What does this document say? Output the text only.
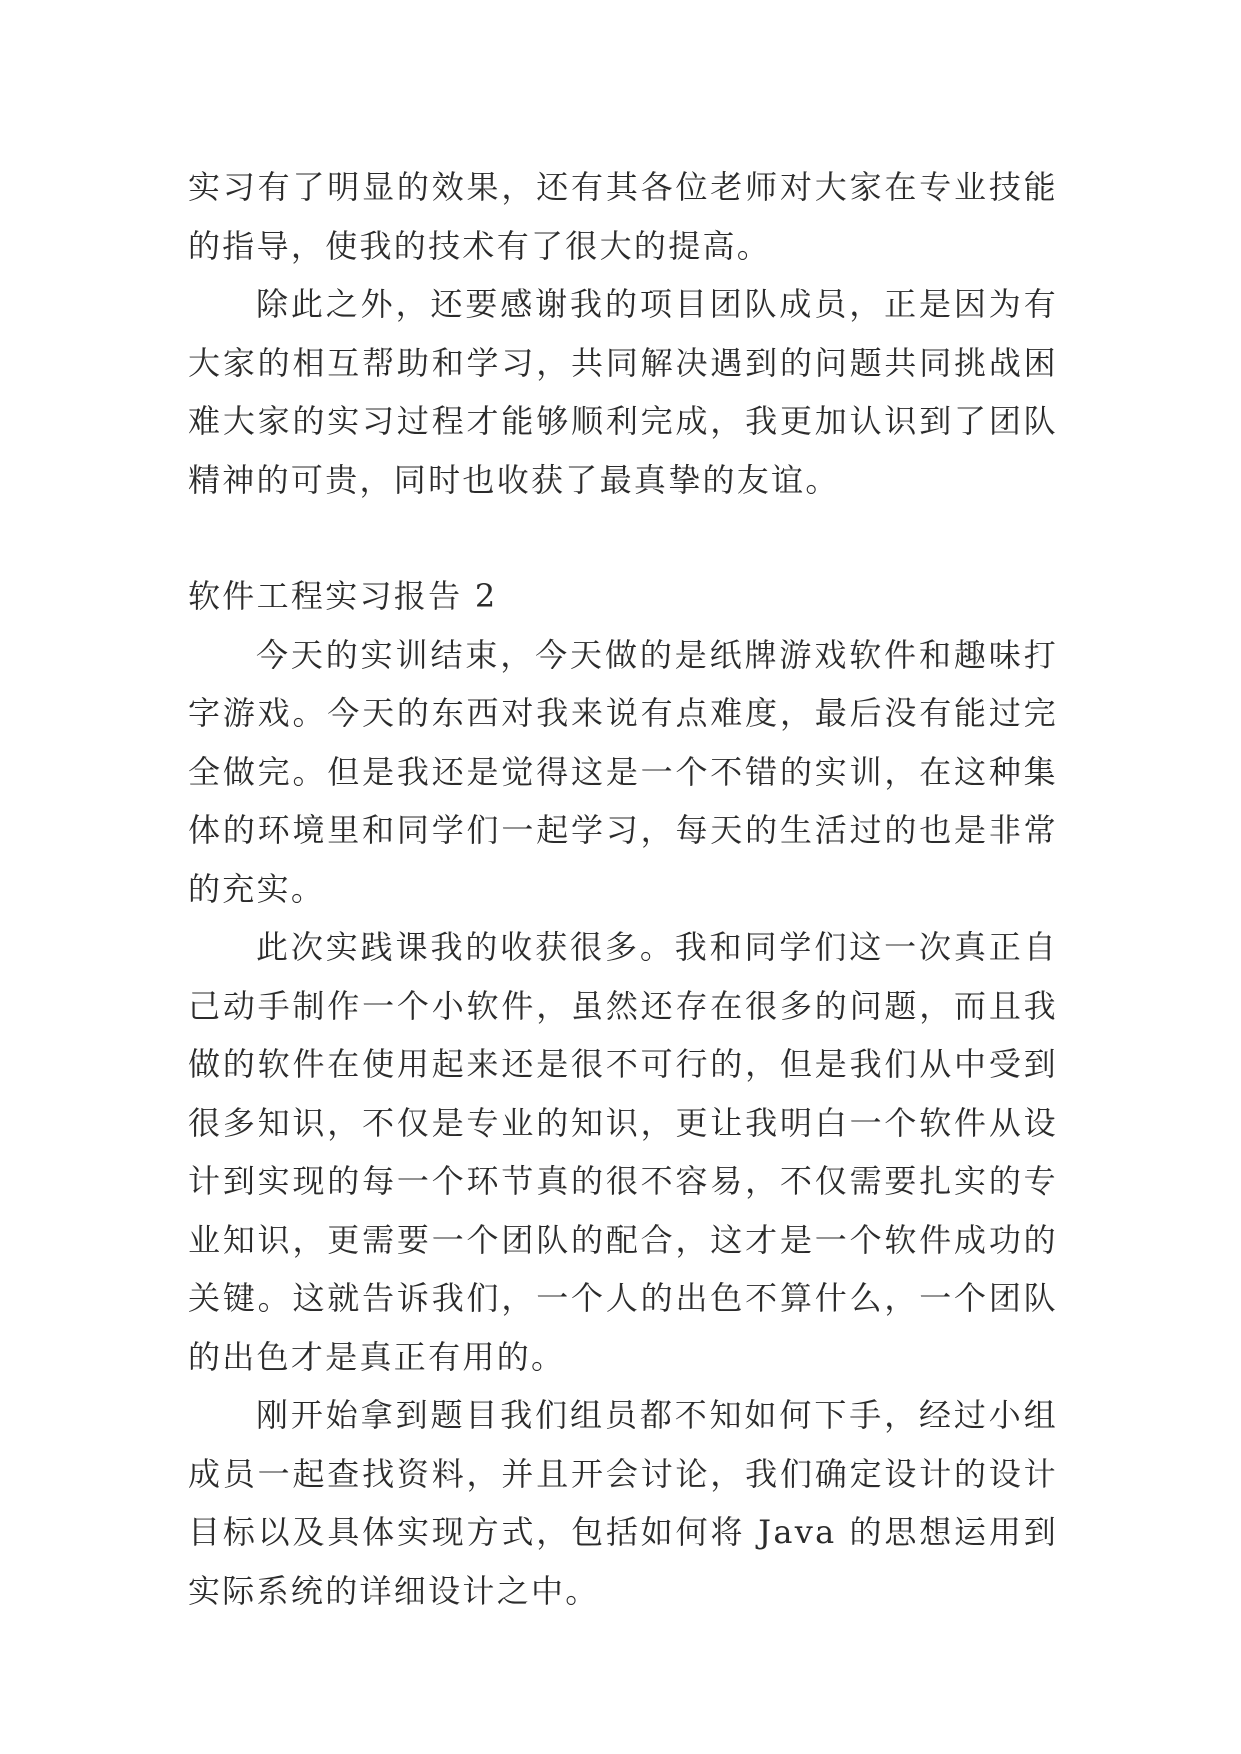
实习有了明显的效果，还有其各位老师对大家在专业技能的指导，使我的技术有了很大的提高。

除此之外，还要感谢我的项目团队成员，正是因为有大家的相互帮助和学习，共同解决遇到的问题共同挑战困难大家的实习过程才能够顺利完成，我更加认识到了团队精神的可贵，同时也收获了最真挚的友谊。

软件工程实习报告 2

今天的实训结束，今天做的是纸牌游戏软件和趣味打字游戏。今天的东西对我来说有点难度，最后没有能过完全做完。但是我还是觉得这是一个不错的实训，在这种集体的环境里和同学们一起学习，每天的生活过的也是非常的充实。

此次实践课我的收获很多。我和同学们这一次真正自己动手制作一个小软件，虽然还存在很多的问题，而且我做的软件在使用起来还是很不可行的，但是我们从中受到很多知识，不仅是专业的知识，更让我明白一个软件从设计到实现的每一个环节真的很不容易，不仅需要扎实的专业知识，更需要一个团队的配合，这才是一个软件成功的关键。这就告诉我们，一个人的出色不算什么，一个团队的出色才是真正有用的。

刚开始拿到题目我们组员都不知如何下手，经过小组成员一起查找资料，并且开会讨论，我们确定设计的设计目标以及具体实现方式，包括如何将 Java 的思想运用到实际系统的详细设计之中。
